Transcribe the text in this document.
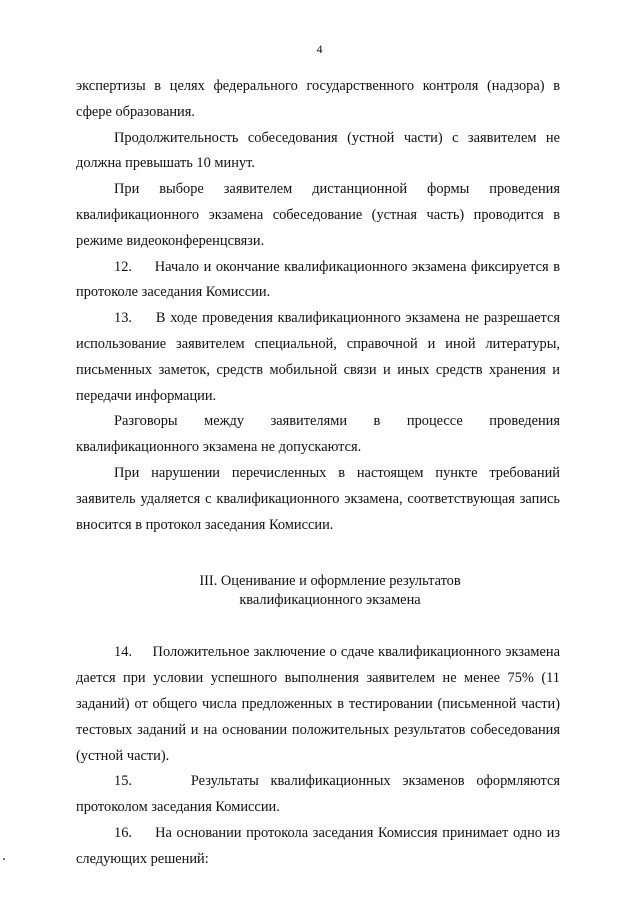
4

экспертизы в целях федерального государственного контроля (надзора) в сфере образования.

Продолжительность собеседования (устной части) с заявителем не должна превышать 10 минут.

При выборе заявителем дистанционной формы проведения квалификационного экзамена собеседование (устная часть) проводится в режиме видеоконференцсвязи.

12.     Начало и окончание квалификационного экзамена фиксируется в протоколе заседания Комиссии.

13.     В ходе проведения квалификационного экзамена не разрешается использование заявителем специальной, справочной и иной литературы, письменных заметок, средств мобильной связи и иных средств хранения и передачи информации.

Разговоры между заявителями в процессе проведения квалификационного экзамена не допускаются.

При нарушении перечисленных в настоящем пункте требований заявитель удаляется с квалификационного экзамена, соответствующая запись вносится в протокол заседания Комиссии.

III. Оценивание и оформление результатов
квалификационного экзамена

14.     Положительное заключение о сдаче квалификационного экзамена дается при условии успешного выполнения заявителем не менее 75% (11 заданий) от общего числа предложенных в тестировании (письменной части) тестовых заданий и на основании положительных результатов собеседования (устной части).

15.     Результаты квалификационных экзаменов оформляются протоколом заседания Комиссии.

16.     На основании протокола заседания Комиссия принимает одно из следующих решений:
